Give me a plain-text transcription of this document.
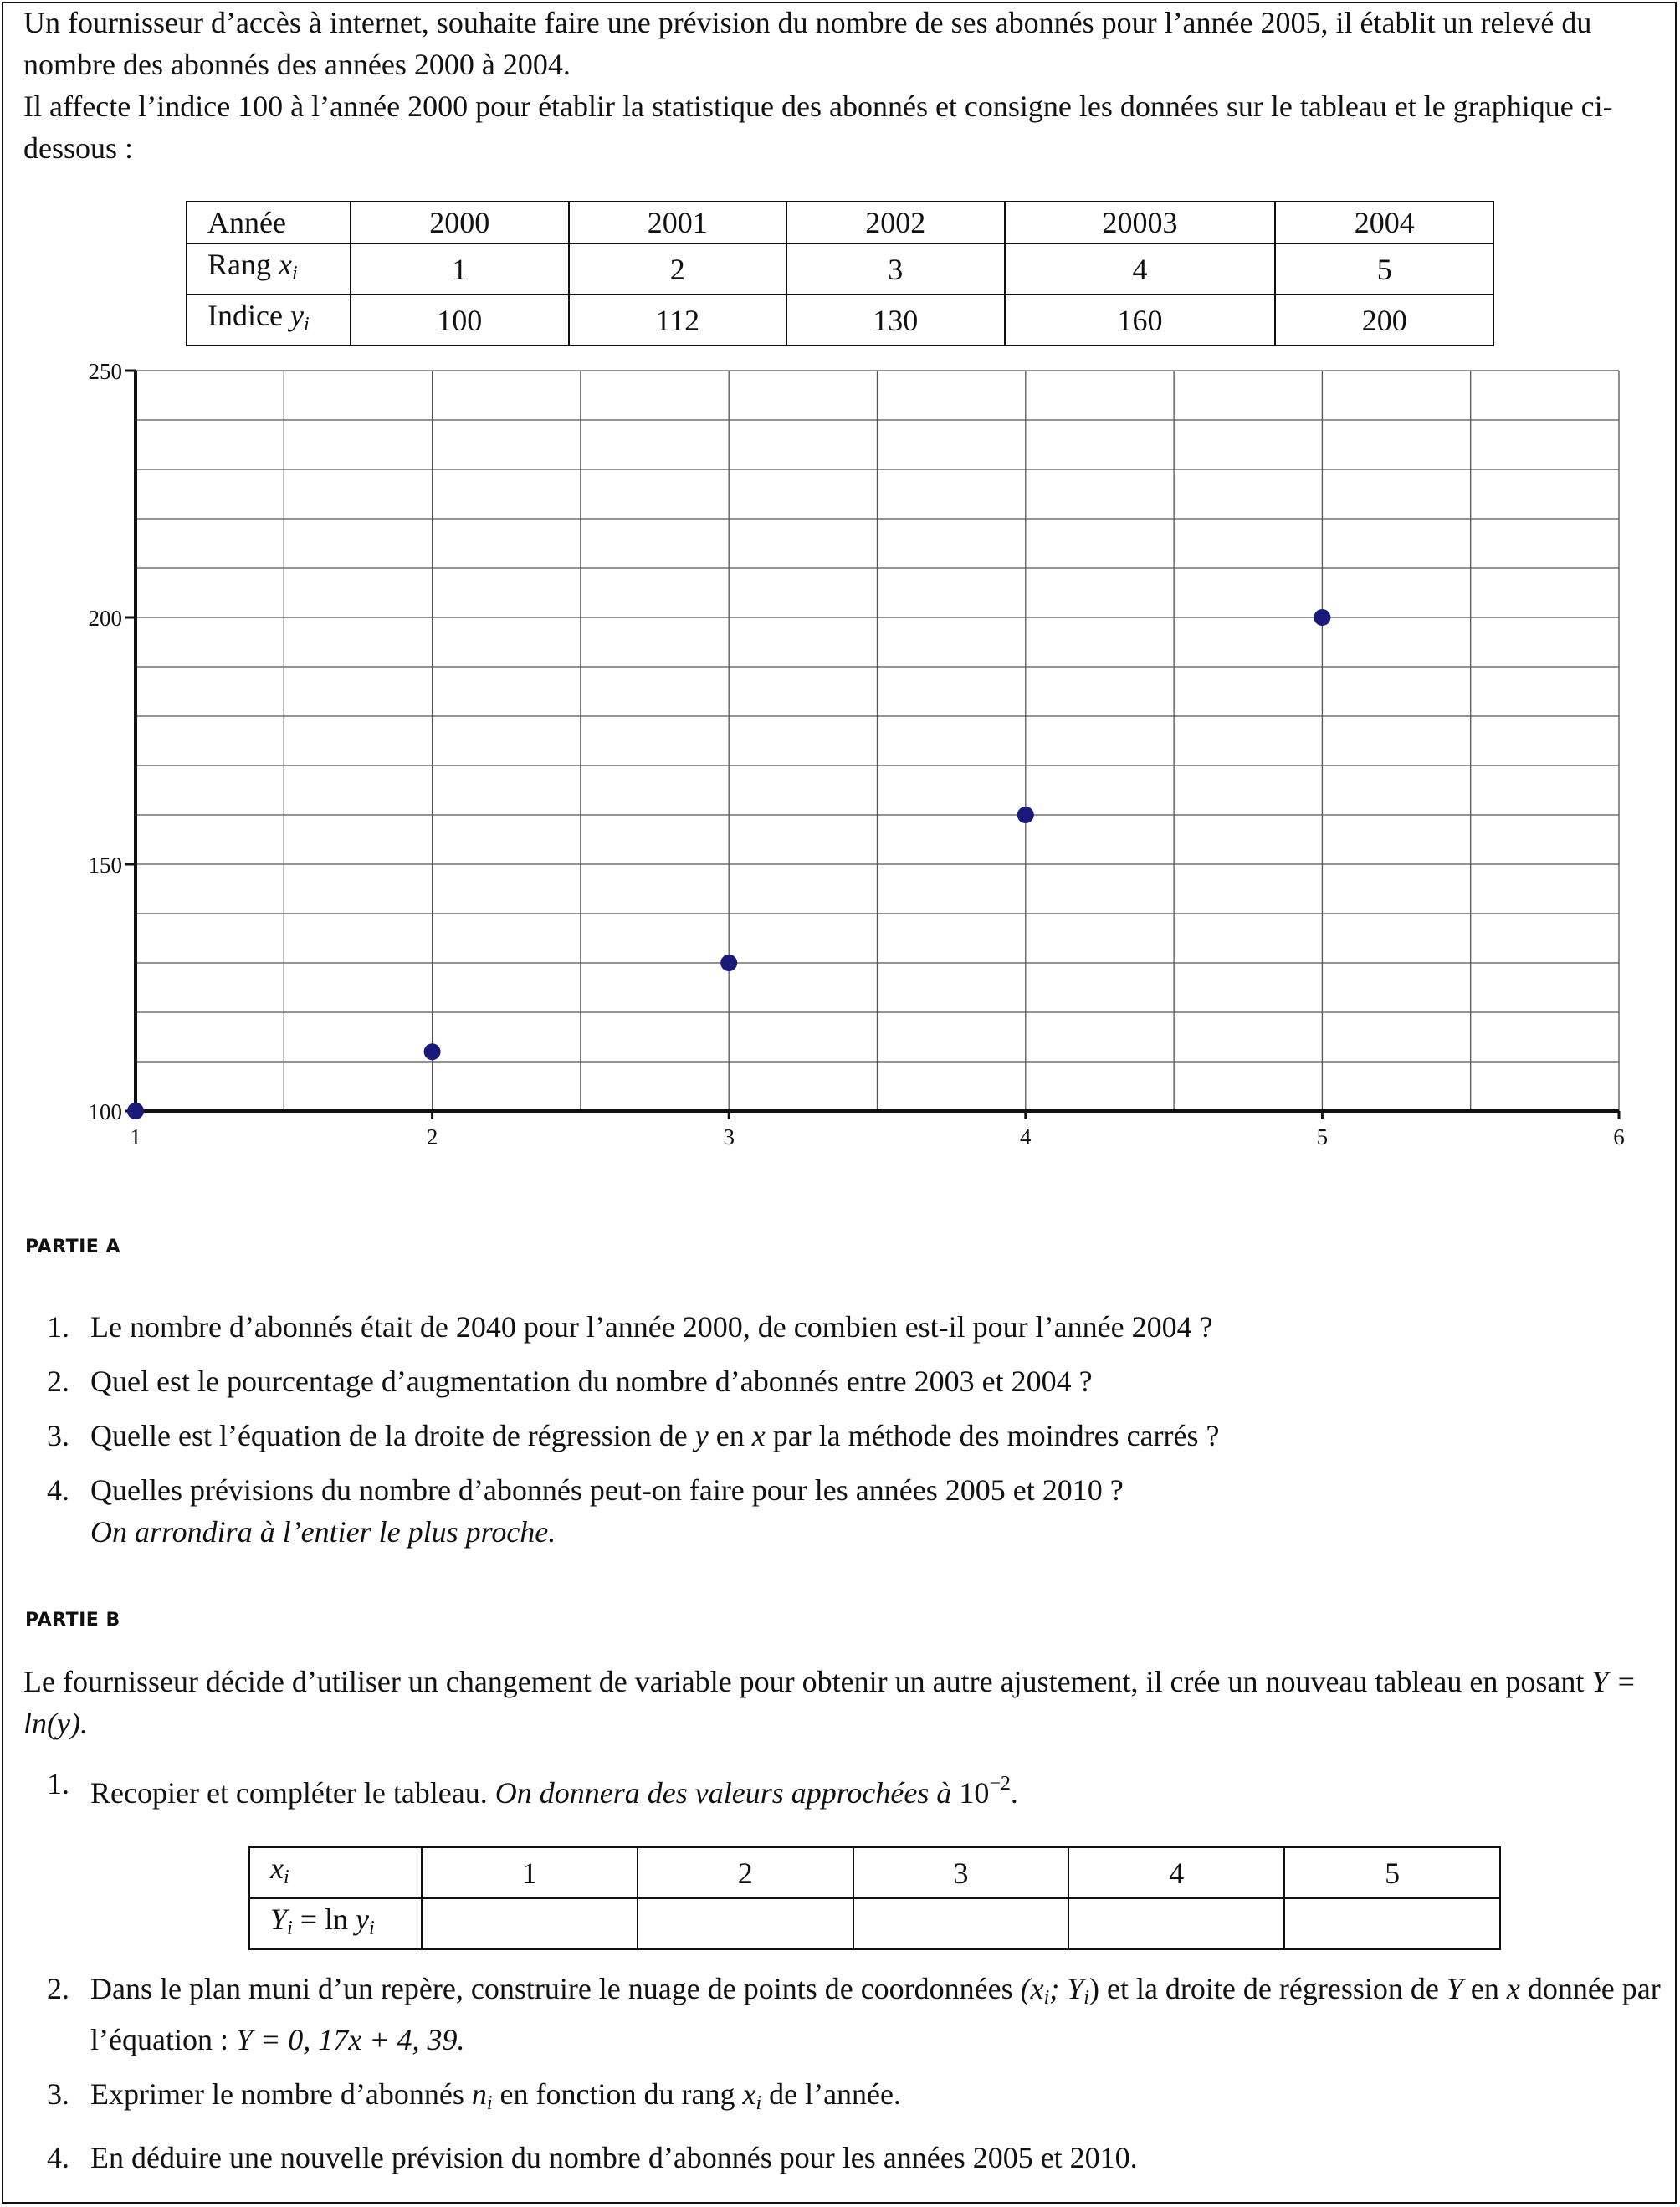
Un fournisseur d’accès à internet, souhaite faire une prévision du nombre de ses abonnés pour l’année 2005, il établit un relevé du nombre des abonnés des années 2000 à 2004.
Il affecte l’indice 100 à l’année 2000 pour établir la statistique des abonnés et consigne les données sur le tableau et le graphique ci-dessous :
Année	2000	2001	2002	20003	2004
Rang $x_i$	1	2	3	4	5
Indice $y_i$	100	112	130	160	200
100
150
200
250
1	2	3	4	5	6
PARTIE A
1. Le nombre d’abonnés était de 2040 pour l’année 2000, de combien est-il pour l’année 2004 ?
2. Quel est le pourcentage d’augmentation du nombre d’abonnés entre 2003 et 2004 ?
3. Quelle est l’équation de la droite de régression de y en x par la méthode des moindres carrés ?
4. Quelles prévisions du nombre d’abonnés peut-on faire pour les années 2005 et 2010 ?
On arrondira à l’entier le plus proche.
PARTIE B
Le fournisseur décide d’utiliser un changement de variable pour obtenir un autre ajustement, il crée un nouveau tableau en posant Y = ln(y).
1. Recopier et compléter le tableau. On donnera des valeurs approchées à $10^{-2}$.
$x_i$	1	2	3	4	5
$Y_i = \ln y_i$					
2. Dans le plan muni d’un repère, construire le nuage de points de coordonnées ($x_i$; $Y_i$) et la droite de régression de Y en x donnée par l’équation : Y = 0, 17x + 4, 39.
3. Exprimer le nombre d’abonnés $n_i$ en fonction du rang $x_i$ de l’année.
4. En déduire une nouvelle prévision du nombre d’abonnés pour les années 2005 et 2010.
